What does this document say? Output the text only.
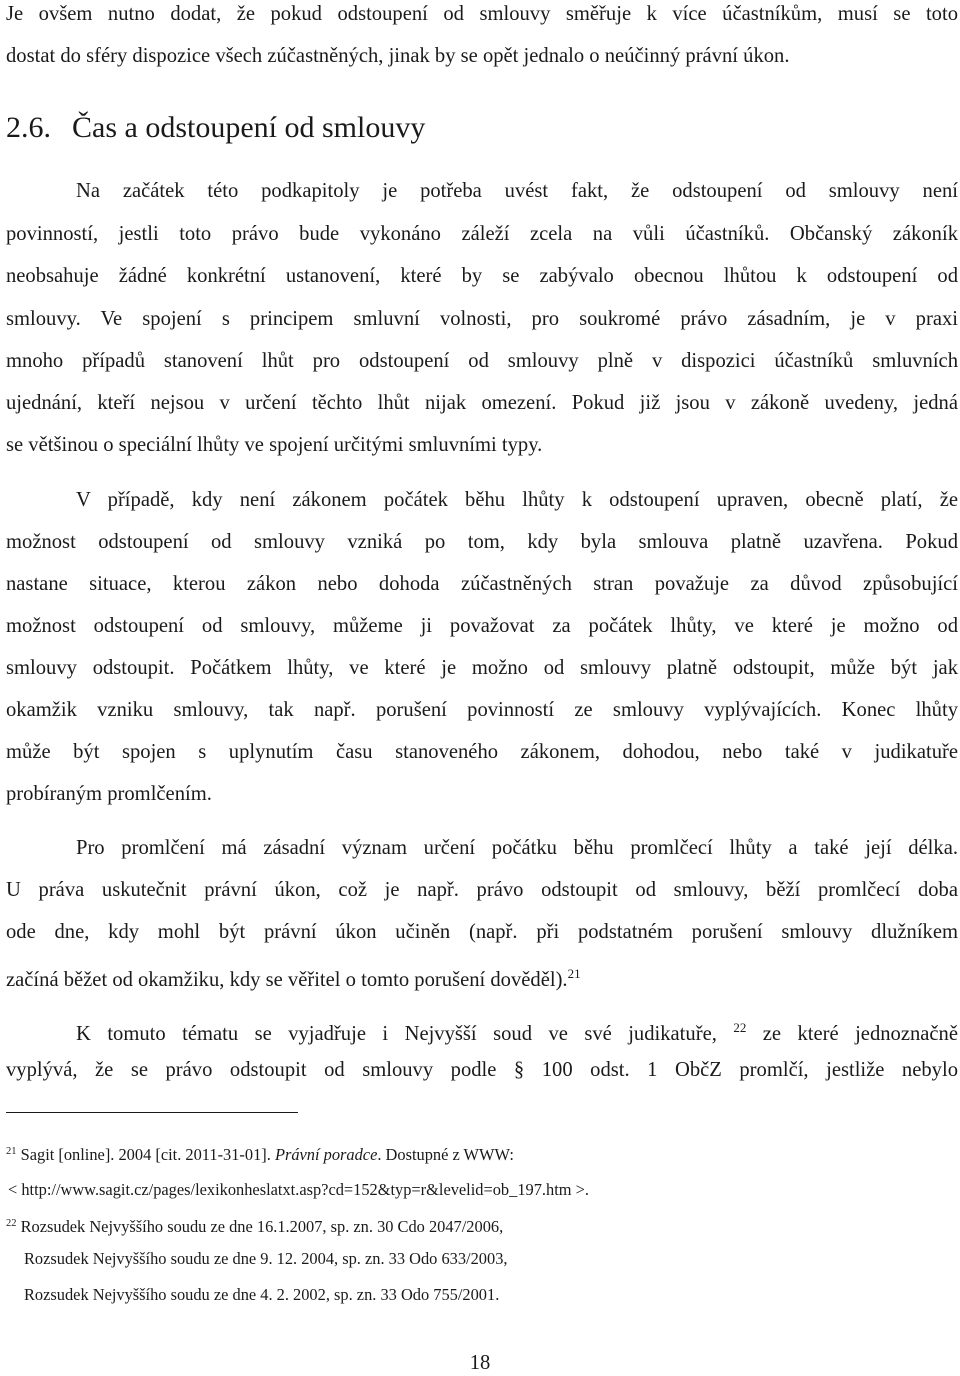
Je ovšem nutno dodat, že pokud odstoupení od smlouvy směřuje k více účastníkům, musí se toto
dostat do sféry dispozice všech zúčastněných, jinak by se opět jednalo o neúčinný právní úkon.
2.6. Čas a odstoupení od smlouvy
Na začátek této podkapitoly je potřeba uvést fakt, že odstoupení od smlouvy není
povinností, jestli toto právo bude vykonáno záleží zcela na vůli účastníků. Občanský zákoník
neobsahuje žádné konkrétní ustanovení, které by se zabývalo obecnou lhůtou k odstoupení od
smlouvy. Ve spojení s principem smluvní volnosti, pro soukromé právo zásadním, je v praxi
mnoho případů stanovení lhůt pro odstoupení od smlouvy plně v dispozici účastníků smluvních
ujednání, kteří nejsou v určení těchto lhůt nijak omezení. Pokud již jsou v zákoně uvedeny, jedná
se většinou o speciální lhůty ve spojení určitými smluvními typy.
V případě, kdy není zákonem počátek běhu lhůty k odstoupení upraven, obecně platí, že
možnost odstoupení od smlouvy vzniká po tom, kdy byla smlouva platně uzavřena. Pokud
nastane situace, kterou zákon nebo dohoda zúčastněných stran považuje za důvod způsobující
možnost odstoupení od smlouvy, můžeme ji považovat za počátek lhůty, ve které je možno od
smlouvy odstoupit. Počátkem lhůty, ve které je možno od smlouvy platně odstoupit, může být jak
okamžik vzniku smlouvy, tak např. porušení povinností ze smlouvy vyplývajících. Konec lhůty
může být spojen s uplynutím času stanoveného zákonem, dohodou, nebo také v judikatuře
probíraným promlčením.
Pro promlčení má zásadní význam určení počátku běhu promlčecí lhůty a také její délka.
U práva uskutečnit právní úkon, což je např. právo odstoupit od smlouvy, běží promlčecí doba
ode dne, kdy mohl být právní úkon učiněn (např. při podstatném porušení smlouvy dlužníkem
začíná běžet od okamžiku, kdy se věřitel o tomto porušení dověděl).$^{21}$
K tomuto tématu se vyjadřuje i Nejvyšší soud ve své judikatuře, $^{22}$ ze které jednoznačně
vyplývá, že se právo odstoupit od smlouvy podle § 100 odst. 1 ObčZ promlčí, jestliže nebylo
$^{21}$ Sagit [online]. 2004 [cit. 2011-31-01]. Právní poradce. Dostupné z WWW:
< http://www.sagit.cz/pages/lexikonheslatxt.asp?cd=152&typ=r&levelid=ob_197.htm >.
$^{22}$ Rozsudek Nejvyššího soudu ze dne 16.1.2007, sp. zn. 30 Cdo 2047/2006,
Rozsudek Nejvyššího soudu ze dne 9. 12. 2004, sp. zn. 33 Odo 633/2003,
Rozsudek Nejvyššího soudu ze dne 4. 2. 2002, sp. zn. 33 Odo 755/2001.
18
